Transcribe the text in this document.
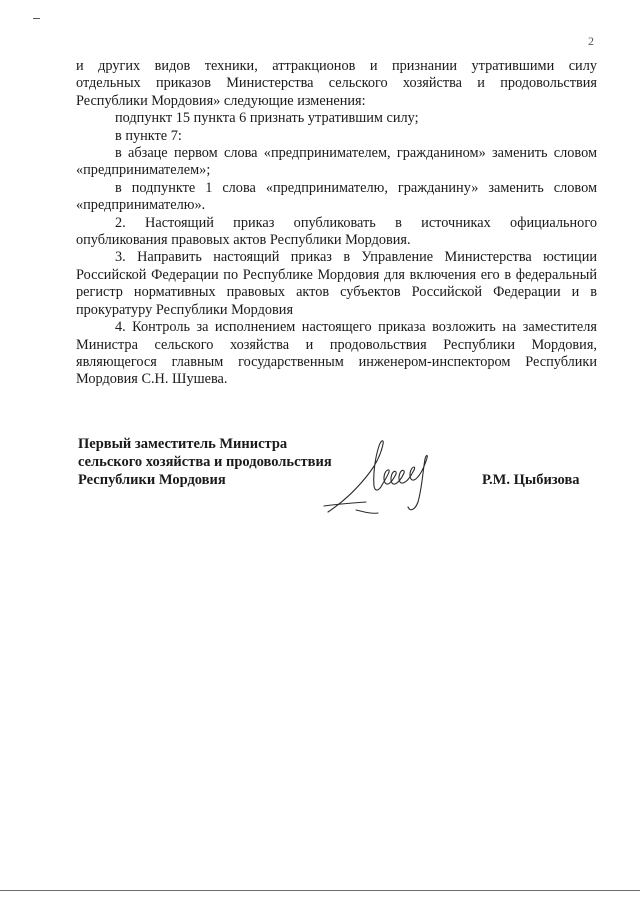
2

и других видов техники, аттракционов и признании утратившими силу

отдельных приказов Министерства сельского хозяйства и продовольствия

Республики Мордовия» следующие изменения:

подпункт 15 пункта 6 признать утратившим силу;

в пункте 7:

в абзаце первом слова «предпринимателем, гражданином» заменить словом «предпринимателем»;

в подпункте 1 слова «предпринимателю, гражданину» заменить словом «предпринимателю».

2. Настоящий приказ опубликовать в источниках официального опубликования правовых актов Республики Мордовия.

3. Направить настоящий приказ в Управление Министерства юстиции Российской Федерации по Республике Мордовия для включения его в федеральный регистр нормативных правовых актов субъектов Российской Федерации и в прокуратуру Республики Мордовия

4. Контроль за исполнением настоящего приказа возложить на заместителя Министра сельского хозяйства и продовольствия Республики Мордовия, являющегося главным государственным инженером-инспектором Республики Мордовия С.Н. Шушева.

Первый заместитель Министра
сельского хозяйства и продовольствия
Республики Мордовия	Р.М. Цыбизова
